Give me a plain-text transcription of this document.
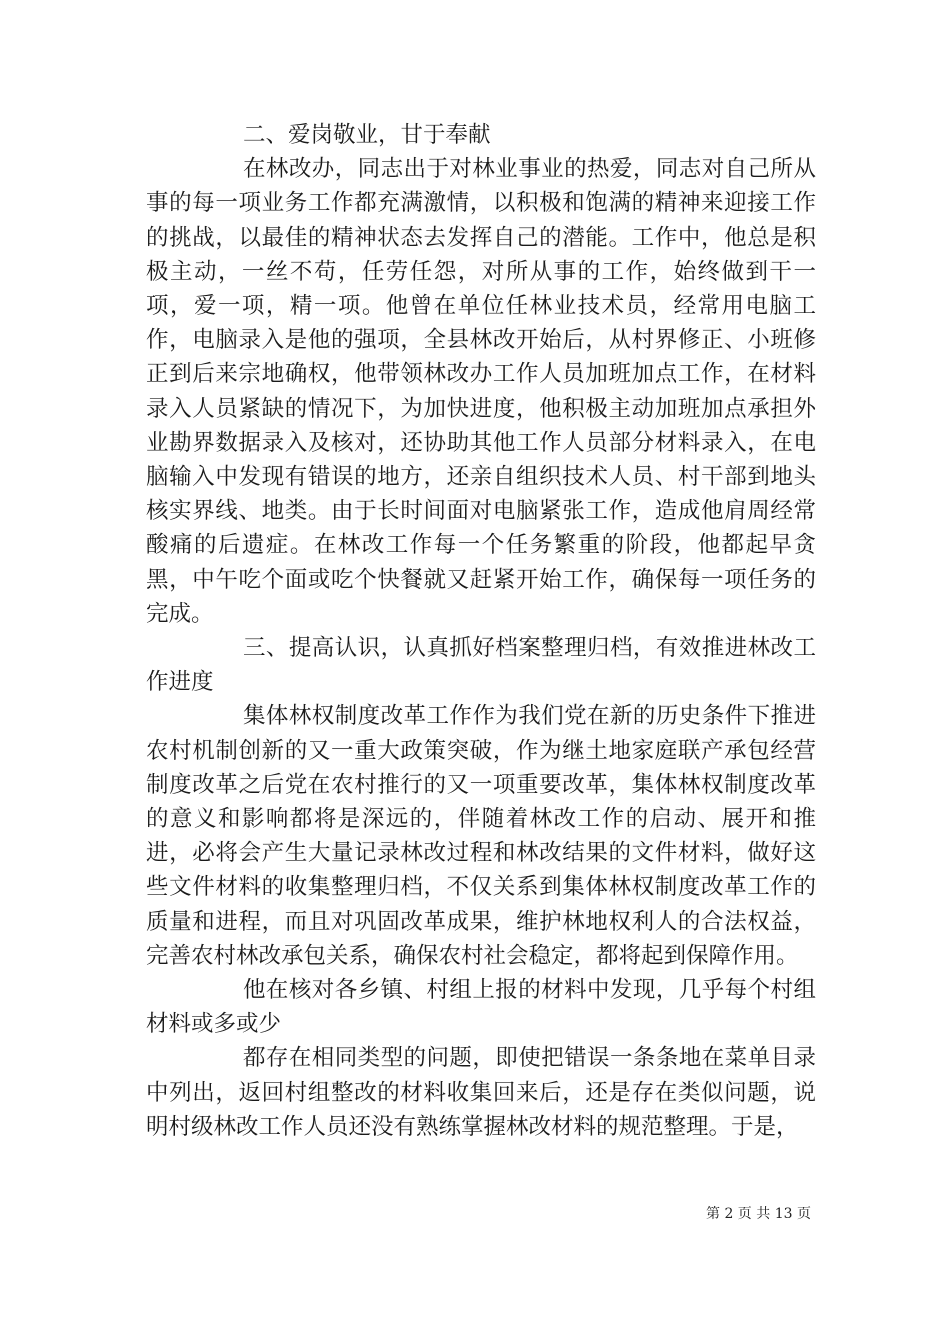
二、爱岗敬业，甘于奉献

在林改办，同志出于对林业事业的热爱，同志对自己所从事的每一项业务工作都充满激情，以积极和饱满的精神来迎接工作的挑战，以最佳的精神状态去发挥自己的潜能。工作中，他总是积极主动，一丝不苟，任劳任怨，对所从事的工作，始终做到干一项，爱一项，精一项。他曾在单位任林业技术员，经常用电脑工作，电脑录入是他的强项，全县林改开始后，从村界修正、小班修正到后来宗地确权，他带领林改办工作人员加班加点工作，在材料录入人员紧缺的情况下，为加快进度，他积极主动加班加点承担外业勘界数据录入及核对，还协助其他工作人员部分材料录入，在电脑输入中发现有错误的地方，还亲自组织技术人员、村干部到地头核实界线、地类。由于长时间面对电脑紧张工作，造成他肩周经常酸痛的后遗症。在林改工作每一个任务繁重的阶段，他都起早贪黑，中午吃个面或吃个快餐就又赶紧开始工作，确保每一项任务的完成。

三、提高认识，认真抓好档案整理归档，有效推进林改工作进度

集体林权制度改革工作作为我们党在新的历史条件下推进农村机制创新的又一重大政策突破，作为继土地家庭联产承包经营制度改革之后党在农村推行的又一项重要改革，集体林权制度改革的意义和影响都将是深远的，伴随着林改工作的启动、展开和推进，必将会产生大量记录林改过程和林改结果的文件材料，做好这些文件材料的收集整理归档，不仅关系到集体林权制度改革工作的质量和进程，而且对巩固改革成果，维护林地权利人的合法权益，完善农村林改承包关系，确保农村社会稳定，都将起到保障作用。

他在核对各乡镇、村组上报的材料中发现，几乎每个村组材料或多或少

都存在相同类型的问题，即使把错误一条条地在菜单目录中列出，返回村组整改的材料收集回来后，还是存在类似问题，说明村级林改工作人员还没有熟练掌握林改材料的规范整理。于是，

第 2 页 共 13 页
